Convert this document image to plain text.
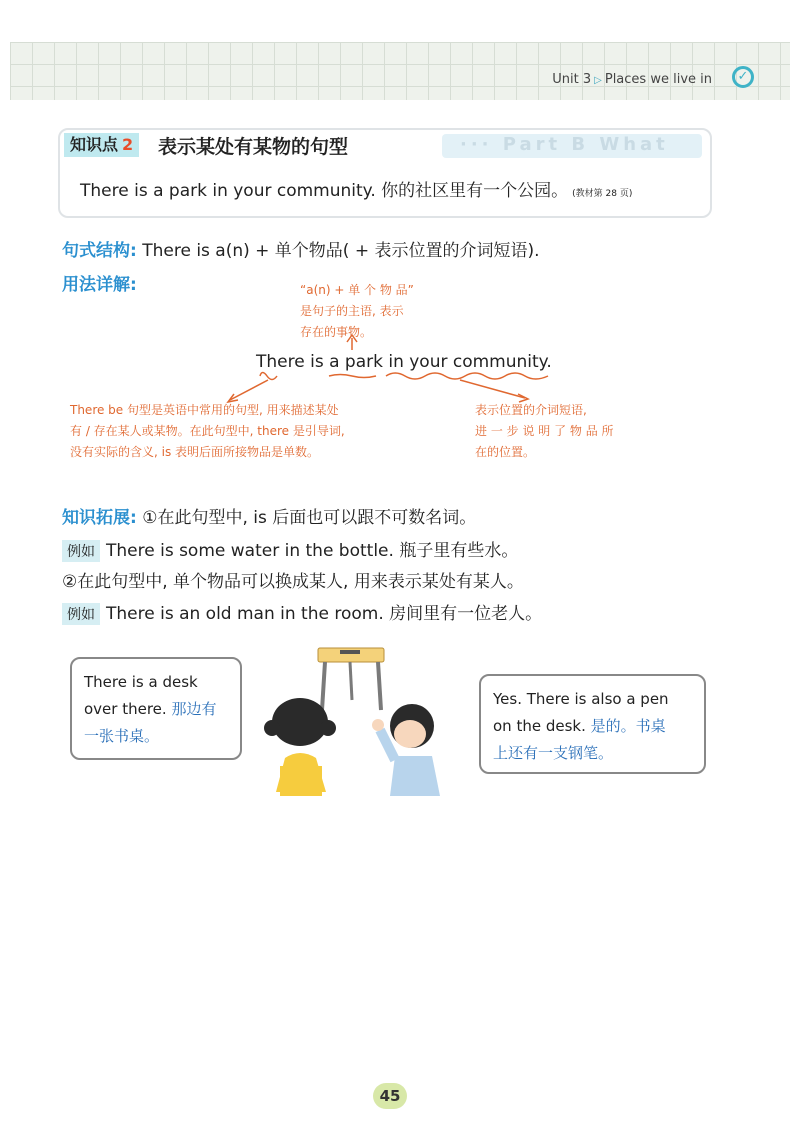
Unit 3 ▷ Places we live in	✓
··· Part B What
知识点 2	表示某处有某物的句型
There is a park in your community. 你的社区里有一个公园。 (教材第 28 页)
句式结构: There is a(n) + 单个物品( + 表示位置的介词短语).
用法详解:	“a(n) + 单 个 物 品”
是句子的主语, 表示
存在的事物。
There is a park in your community.
There be 句型是英语中常用的句型, 用来描述某处
有 / 存在某人或某物。在此句型中, there 是引导词,
没有实际的含义, is 表明后面所接物品是单数。
表示位置的介词短语,
进 一 步 说 明 了 物 品 所
在的位置。
知识拓展: ①在此句型中, is 后面也可以跟不可数名词。
例如 There is some water in the bottle. 瓶子里有些水。
②在此句型中, 单个物品可以换成某人, 用来表示某处有某人。
例如 There is an old man in the room. 房间里有一位老人。
There is a desk
over there. 那边有
一张书桌。
Yes. There is also a pen
on the desk. 是的。书桌
上还有一支钢笔。
45
